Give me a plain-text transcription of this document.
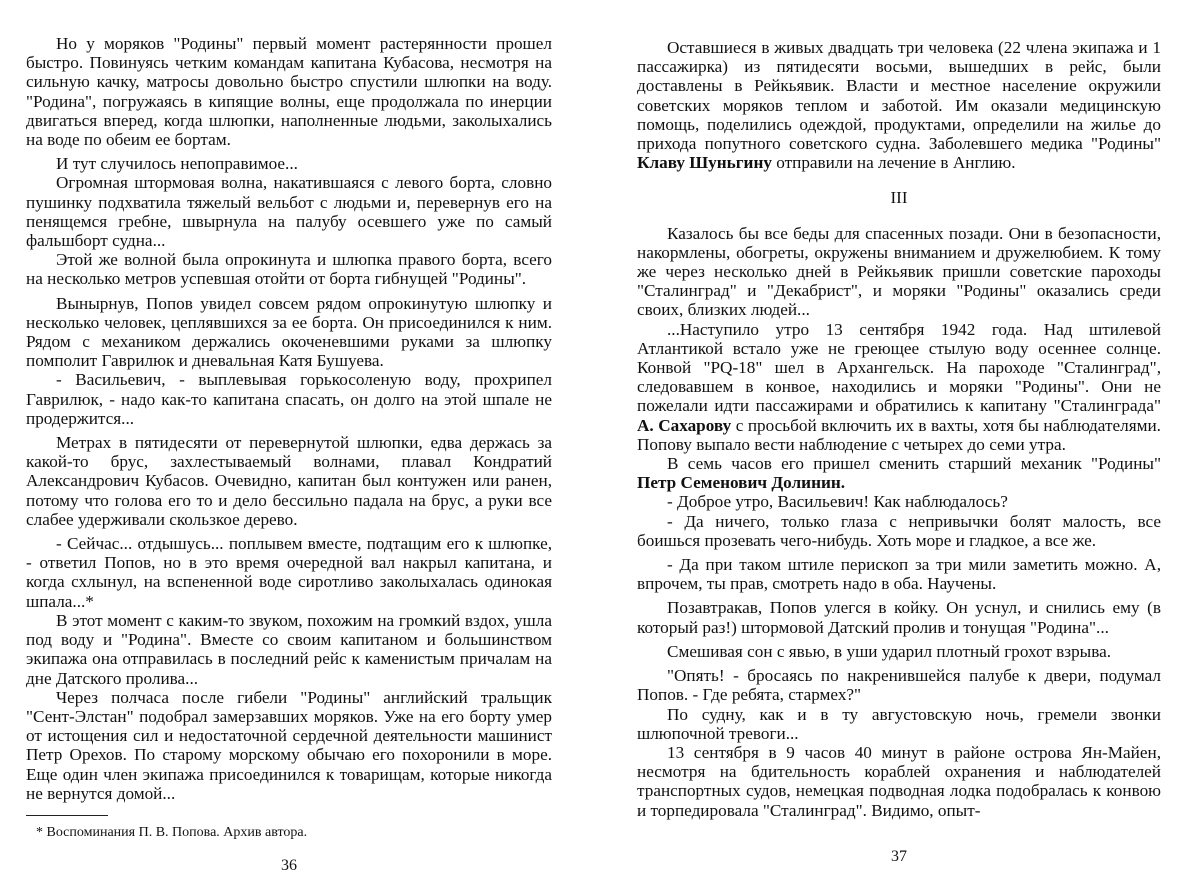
Но у моряков "Родины" первый момент растерянности прошел быстро. Повинуясь четким командам капитана Кубасова, несмотря на сильную качку, матросы довольно быстро спустили шлюпки на воду. "Родина", погружаясь в кипящие волны, еще продолжала по инерции двигаться вперед, когда шлюпки, наполненные людьми, заколыхались на воде по обеим ее бортам.

И тут случилось непоправимое...

Огромная штормовая волна, накатившаяся с левого борта, словно пушинку подхватила тяжелый вельбот с людьми и, перевернув его на пенящемся гребне, швырнула на палубу осевшего уже по самый фальшборт судна...

Этой же волной была опрокинута и шлюпка правого борта, всего на несколько метров успевшая отойти от борта гибнущей "Родины".

Вынырнув, Попов увидел совсем рядом опрокинутую шлюпку и несколько человек, цеплявшихся за ее борта. Он присоединился к ним. Рядом с механиком держались окоченевшими руками за шлюпку помполит Гаврилюк и дневальная Катя Бушуева.

- Васильевич, - выплевывая горькосоленую воду, прохрипел Гаврилюк, - надо как-то капитана спасать, он долго на этой шпале не продержится...

Метрах в пятидесяти от перевернутой шлюпки, едва держась за какой-то брус, захлестываемый волнами, плавал Кондратий Александрович Кубасов. Очевидно, капитан был контужен или ранен, потому что голова его то и дело бессильно падала на брус, а руки все слабее удерживали скользкое дерево.

- Сейчас... отдышусь... поплывем вместе, подтащим его к шлюпке, - ответил Попов, но в это время очередной вал накрыл капитана, и когда схлынул, на вспененной воде сиротливо заколыхалась одинокая шпала...*

В этот момент с каким-то звуком, похожим на громкий вздох, ушла под воду и "Родина". Вместе со своим капитаном и большинством экипажа она отправилась в последний рейс к каменистым причалам на дне Датского пролива...

Через полчаса после гибели "Родины" английский тральщик "Сент-Элстан" подобрал замерзавших моряков. Уже на его борту умер от истощения сил и недостаточной сердечной деятельности машинист Петр Орехов. По старому морскому обычаю его похоронили в море. Еще один член экипажа присоединился к товарищам, которые никогда не вернутся домой...

* Воспоминания П. В. Попова. Архив автора.
36

Оставшиеся в живых двадцать три человека (22 члена экипажа и 1 пассажирка) из пятидесяти восьми, вышедших в рейс, были доставлены в Рейкьявик. Власти и местное население окружили советских моряков теплом и заботой. Им оказали медицинскую помощь, поделились одеждой, продуктами, определили на жилье до прихода попутного советского судна. Заболевшего медика "Родины" Клаву Шуньгину отправили на лечение в Англию.

III

Казалось бы все беды для спасенных позади. Они в безопасности, накормлены, обогреты, окружены вниманием и дружелюбием. К тому же через несколько дней в Рейкьявик пришли советские пароходы "Сталинград" и "Декабрист", и моряки "Родины" оказались среди своих, близких людей...

...Наступило утро 13 сентября 1942 года. Над штилевой Атлантикой встало уже не греющее стылую воду осеннее солнце. Конвой "PQ-18" шел в Архангельск. На пароходе "Сталинград", следовавшем в конвое, находились и моряки "Родины". Они не пожелали идти пассажирами и обратились к капитану "Сталинграда" А. Сахарову с просьбой включить их в вахты, хотя бы наблюдателями. Попову выпало вести наблюдение с четырех до семи утра.

В семь часов его пришел сменить старший механик "Родины" Петр Семенович Долинин.

- Доброе утро, Васильевич! Как наблюдалось?

- Да ничего, только глаза с непривычки болят малость, все боишься прозевать чего-нибудь. Хоть море и гладкое, а все же.

- Да при таком штиле перископ за три мили заметить можно. А, впрочем, ты прав, смотреть надо в оба. Научены.

Позавтракав, Попов улегся в койку. Он уснул, и снились ему (в который раз!) штормовой Датский пролив и тонущая "Родина"...

Смешивая сон с явью, в уши ударил плотный грохот взрыва.

"Опять! - бросаясь по накренившейся палубе к двери, подумал Попов. - Где ребята, стармех?"

По судну, как и в ту августовскую ночь, гремели звонки шлюпочной тревоги...

13 сентября в 9 часов 40 минут в районе острова Ян-Майен, несмотря на бдительность кораблей охранения и наблюдателей транспортных судов, немецкая подводная лодка подобралась к конвою и торпедировала "Сталинград". Видимо, опыт-

37
